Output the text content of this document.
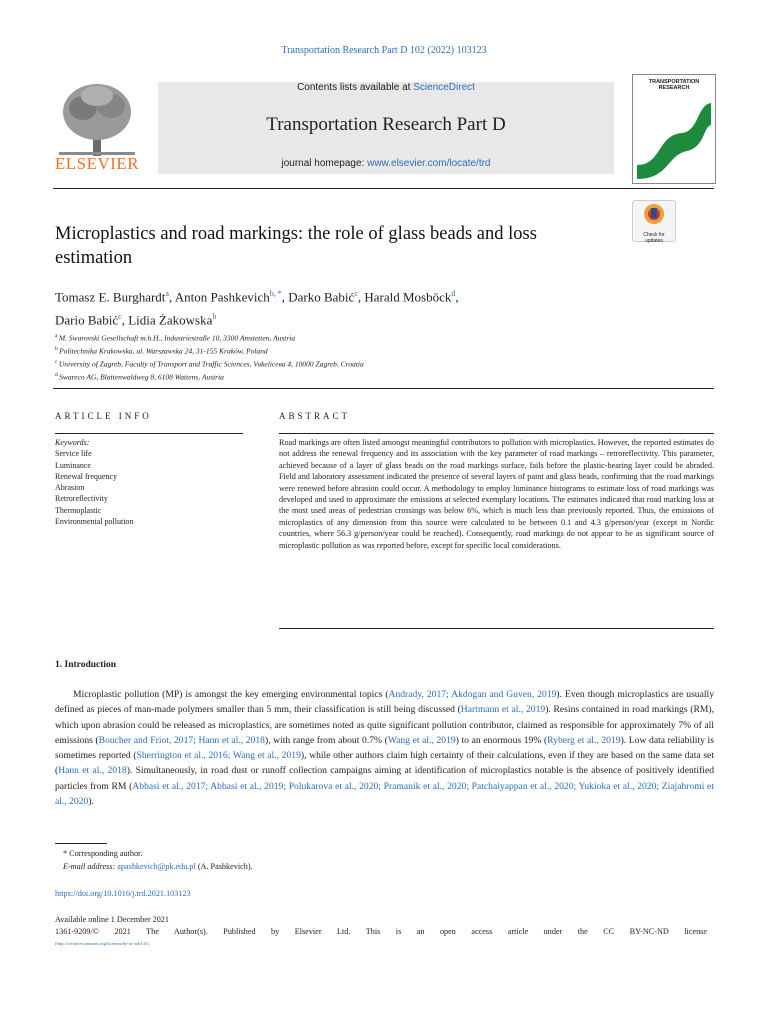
Transportation Research Part D 102 (2022) 103123
ELSEVIER
Contents lists available at ScienceDirect
Transportation Research Part D
journal homepage: www.elsevier.com/locate/trd
TRANSPORTATION RESEARCH
Microplastics and road markings: the role of glass beads and loss estimation
Check for updates
Tomasz E. Burghardt$^a$, Anton Pashkevich$^{b, *}$, Darko Babić$^c$, Harald Mosböck$^d$,
Dario Babić$^c$, Lidia Żakowska$^b$
$^a$ M. Swarovski Gesellschaft m.b.H., Industriestraße 10, 3300 Amstetten, Austria
$^b$ Politechnika Krakowska, ul. Warszawska 24, 31-155 Kraków, Poland
$^c$ University of Zagreb, Faculty of Transport and Traffic Sciences, Vukelicева 4, 10000 Zagreb, Croatia
$^d$ Swareco AG, Blattenwaldweg 8, 6108 Wattens, Austria
ARTICLE INFO
Keywords:
Service life
Luminance
Renewal frequency
Abrasion
Retroreflectivity
Thermoplastic
Environmental pollution
ABSTRACT
Road markings are often listed amongst meaningful contributors to pollution with microplastics. However, the reported estimates do not address the renewal frequency and its association with the key parameter of road markings – retroreflectivity. This parameter, achieved because of a layer of glass beads on the road markings surface, fails before the plastic-bearing layer could be abraded. Field and laboratory assessment indicated the presence of several layers of paint and glass beads, confirming that the road markings were renewed before abrasion could occur. A methodology to employ luminance histograms to estimate loss of road markings was developed and used to approximate the emissions at selected exemplary locations. The estimates indicated that road marking loss at the most used areas of pedestrian crossings was below 6%, which is much less than previously reported. Thus, the emissions of microplastics of any dimension from this source were calculated to be between 0.1 and 4.3 g/person/year (except in Nordic countries, where 56.3 g/person/year could be reached). Consequently, road markings do not appear to be as significant source of microplastic pollution as was reported before, except for specific local considerations.
1. Introduction

Microplastic pollution (MP) is amongst the key emerging environmental topics (Andrady, 2017; Akdogan and Guven, 2019). Even though microplastics are usually defined as pieces of man-made polymers smaller than 5 mm, their classification is still being discussed (Hartmann et al., 2019). Resins contained in road markings (RM), which upon abrasion could be released as microplastics, are sometimes noted as quite significant pollution contributor, claimed as responsible for approximately 7% of all emissions (Boucher and Friot, 2017; Hann et al., 2018), with range from about 0.7% (Wang et al., 2019) to an enormous 19% (Ryberg et al., 2019). Low data reliability is sometimes reported (Sherrington et al., 2016; Wang et al., 2019), while other authors claim high certainty of their calculations, even if they are based on the same data set (Hann et al., 2018). Simultaneously, in road dust or runoff collection campaigns aiming at identification of microplastics notable is the absence of positively identified particles from RM (Abbasi et al., 2017; Abbasi et al., 2019; Polukarova et al., 2020; Pramanik et al., 2020; Patchaiyappan et al., 2020; Yukioka et al., 2020; Ziajahromi et al., 2020).

* Corresponding author.
E-mail address: apashkevich@pk.edu.pl (A. Pashkevich).
https://doi.org/10.1016/j.trd.2021.103123
Available online 1 December 2021
1361-9209/© 2021 The Author(s). Published by Elsevier Ltd. This is an open access article under the CC BY-NC-ND license
(http://creativecommons.org/licenses/by-nc-nd/4.0/).
